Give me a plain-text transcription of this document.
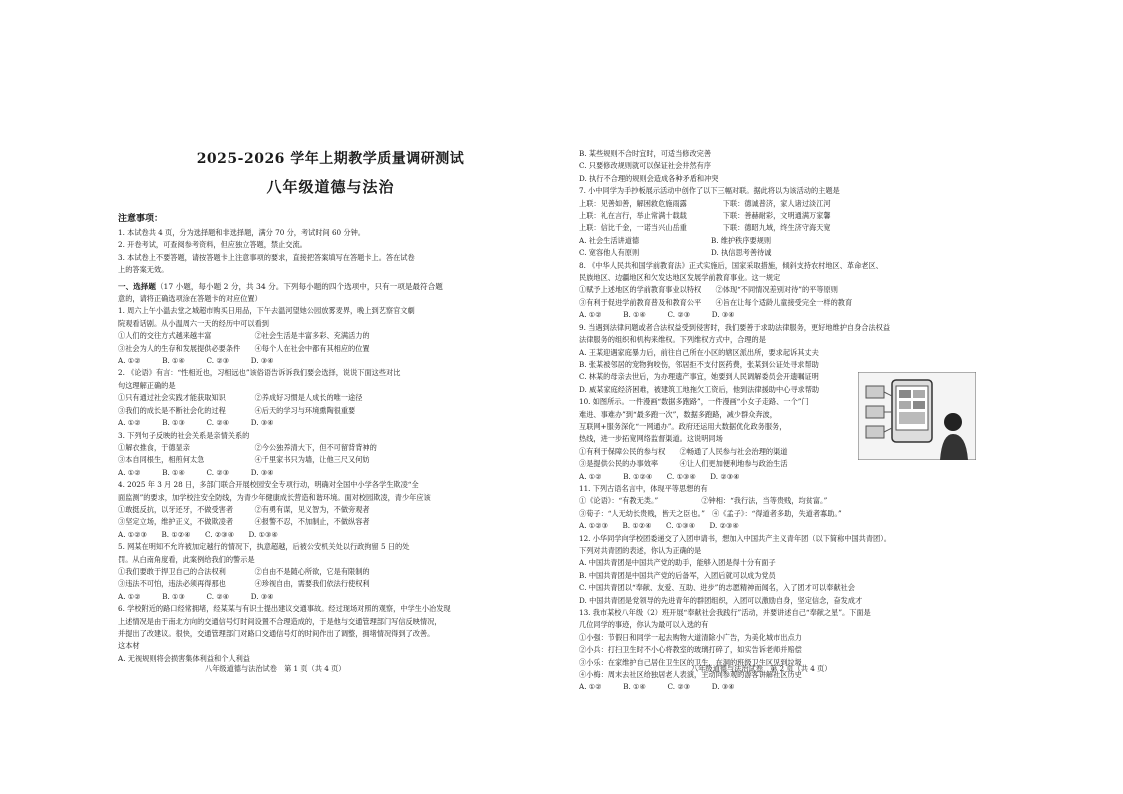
2025-2026 学年上期教学质量调研测试
八年级道德与法治
注意事项：
1. 本试卷共 4 页，分为选择题和非选择题，满分 70 分，考试时间 60 分钟。
2. 开卷考试，可查阅参考资料，但应独立答题，禁止交流。
3. 本试卷上不要答题，请按答题卡上注意事项的要求，直接把答案填写在答题卡上。答在试卷
上的答案无效。
一、选择题（17 小题，每小题 2 分，共 34 分。下列每小题的四个选项中，只有一项是最符合题
意的，请将正确选项涂在答题卡的对应位置）
1. 周六上午小温去堂之城超市购买日用品，下午去温河望她公园放雾麦界，晚上到艺察官文劇
院观看话剧。从小温周六一天的经历中可以看到
①人们的交往方式越来越丰富　　　　　　②社会生活是丰富多彩、充满活力的
③社会为人的生存和发展提供必要条件　　④每个人在社会中都有其相应的位置
A. ①②　　　B. ①④　　　C. ②③　　　D. ③④
2. 《论语》有言：“性相近也，习相远也”该俗语告诉诉我们要会选择，说说下面这些对比
句这理解正确的是
①只有通过社会实践才能获取知识　　　　②养成好习惯是人成长的唯一途径
③我们的成长是不断社会化的过程　　　　④后天的学习与环境熏陶很重要
A. ①②　　　B. ①③　　　C. ②④　　　D. ③④
3. 下列句子反映的社会关系是亲情关系的
①解衣推食，于德显亲　　　　　　　　　②今公独养清大下，但不可留背背神的
③本自同根生，相煎何太急　　　　　　　④千里家书只为墙，让他三尺又何妨
A. ①②　　　B. ①④　　　C. ②③　　　D. ③④
4. 2025 年 3 月 28 日，多部门联合开展校园安全专项行动，明确对全国中小学各学生欺凌“全
面监测”的要求，加学校注安全防线，为青少年健康成长营造和谐环境。面对校园欺凌，青少年应该
①敢挺反抗，以牙还牙，不做受害者　　　②有勇有谋，见义智为，不做旁观者
③坚定立场，维护正义，不做欺凌者　　　④报警不忍，不加制止，不做纵容者
A. ①②③　　B. ①②④　　C. ②③④　　D. ①③④
5. 网某在明知不允许被加定越行的情况下，执意超越，后被公安机关处以行政拘留 5 日的处
罚。从白南角度看，此案例给我们的警示是
①我们要敢于捍卫自己的合法权利　　　　②自由不是随心所欲，它是有限制的
③违法不可怕，违法必须再得那也　　　　④珍视自由，需要我们依法行使权利
A. ①②　　　B. ①③　　　C. ②④　　　D. ③④
6. 学校附近的路口经常拥堵，经某某与有识士提出建议交通事故。经过现场对照的观察，中学生小冶发现
上述情况是由于南北方向的交通信号灯时间设置不合理造成的，于是他与交通管理部门写信反映情况，
并提出了改建议。很快，交通管理部门对路口交通信号灯的时间作出了调整，拥堵情况得到了改善。
这本材
A. 无视规则将会损害集体利益和个人利益
八年级道德与法治试卷　第 1 页（共 4 页）
B. 某些规则不合时宜时，可适当修改完善
C. 只要修改规则就可以保证社会井然有序
D. 执行不合理的规则会造成各种矛盾和冲突
7. 小中同学为手抄板展示活动中创作了以下三幅对联。据此将以为该活动的主题是
上联：见善如善，解困救危施雨露　　　　　下联：德诚普济，家人诸过淡江河
上联：礼在言行，举止常满十载载　　　　　下联：善赫耐彩，文明通满万家馨
上联：信比千金，一诺当兴山岳重　　　　　下联：德昭九域，终生济守海天宽
A. 社会生活讲道德　　　　　　　　　　B. 维护秩序要规则
C. 宽容他人有原则　　　　　　　　　　D. 执信思考善待诚
8. 《中华人民共和国学前教育法》正式实施后，国家采取措施，倾斜支持农村地区、革命老区、
民族地区、边疆地区和欠发达地区发展学前教育事业。这一规定
①赋予上述地区的学前教育事业以特权　　②体现“不同情况差别对待”的平等原则
③有利于促进学前教育普及和教育公平　　④旨在让每个适龄儿童接受完全一样的教育
A. ①②　　　B. ①④　　　C. ②③　　　D. ③④
9. 当遇到法律问题或者合法权益受到侵害时，我们要善于求助法律服务，更好地维护自身合法权益
法律服务的组织和机构来维权。下列维权方式中，合理的是
A. 王某迎遇家庭暴力后，前往自己所在小区的辖区派出所，要求起诉其丈夫
B. 张某被邻居的宠物狗咬伤，邻居拒不支付医药费，张某到公证处寻求帮助
C. 林某的母亲去世后，为办理遗产事宜，她要到人民调解委员会开遗嘱证明
D. 威某家庭经济困难，被建筑工地拖欠工资后，他到法律援助中心寻求帮助
10. 如图所示。一件漫画“数据多跑路”，一件漫画“小女子走路、一个”门
难进、事难办”到“最多跑一次”，数据多跑路，减少群众奔波，
互联网+服务深化“一网通办”。政府还运用大数据优化政务服务，
热线，进一步拓宽网络监督渠道。这说明同场
①有利于保障公民的参与权　　②畅通了人民参与社会治理的渠道
③是提供公民的办事效率　　　④让人们更加便利地参与政治生活
A. ①②　　　B. ①②④　　C. ①③④　　D. ②③④
11. 下列古语名言中，体现平等思想的有
①《论语》：“有教无类。”　　　　　　②钟相：“我行法，当等贵贱，均贫富。”
③荀子：“人无幼长贵贱，皆天之臣也。”　④《孟子》：“得道者多助，失道者寡助。”
A. ①②③　　B. ①②④　　C. ①③④　　D. ②③④
12. 小华同学向学校团委递交了入团申请书，想加入中国共产主义青年团（以下简称中国共青团）。
下列对共青团的表述，你认为正确的是
A. 中国共青团是中国共产党的助手，能够入团是得十分有面子
B. 中国共青团是中国共产党的后备军，入团后就可以成为党员
C. 中国共青团以“奉献、友爱、互助、进步”的志愿精神而闻名，入了团才可以奉献社会
D. 中国共青团是党领导的先进青年的群团组织，入团可以激励自身，坚定信念，奋发成才
13. 我市某校八年级（2）班开展“奉献社会我践行”活动，并要讲述自己“奉献之星”。下面是
几位同学的事迹，你认为最可以入选的有
①小强：节假日和同学一起去购物大道清除小广告，为美化城市出点力
②小兵：打扫卫生时不小心将教室的玻璃打碎了，如实告诉老师并赔偿
③小乐：在家维护自己居住卫生区的卫生，在洞的班级卫生区见到垃圾
④小梅：周末去社区给独居老人表演，主动向参观的游客讲解社区历史
A. ①②　　　B. ①④　　　C. ②③　　　D. ③④
八年级道德与法治试卷　第 2 页（共 4 页）
